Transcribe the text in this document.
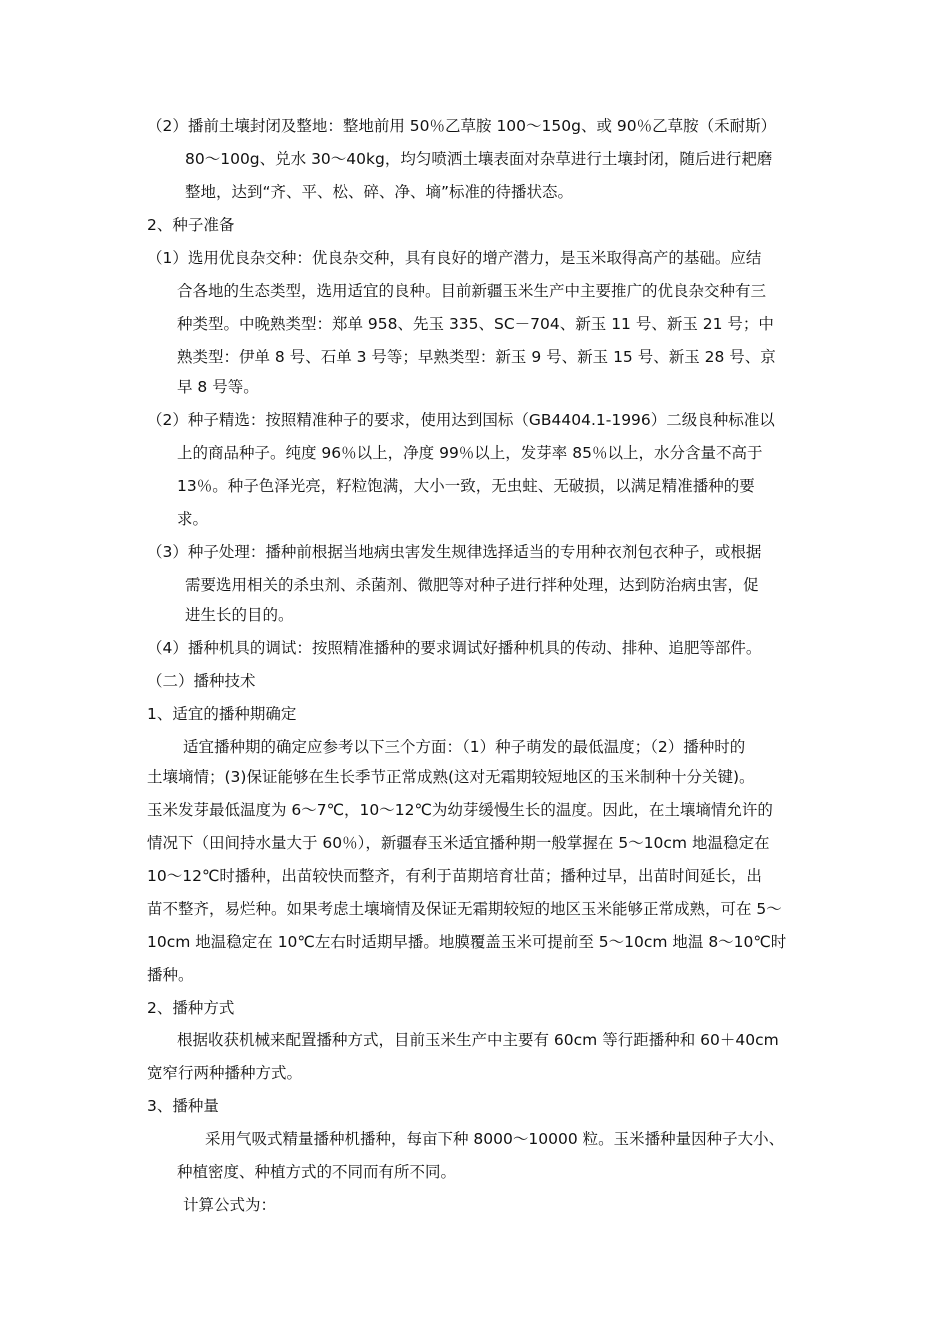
（2）播前土壤封闭及整地：整地前用 50％乙草胺 100～150g、或 90％乙草胺（禾耐斯）
80～100g、兑水 30～40kg，均匀喷洒土壤表面对杂草进行土壤封闭，随后进行耙磨
整地，达到“齐、平、松、碎、净、墒”标准的待播状态。
2、种子准备
（1）选用优良杂交种：优良杂交种，具有良好的增产潜力，是玉米取得高产的基础。应结
合各地的生态类型，选用适宜的良种。目前新疆玉米生产中主要推广的优良杂交种有三
种类型。中晚熟类型：郑单 958、先玉 335、SC－704、新玉 11 号、新玉 21 号；中
熟类型：伊单 8 号、石单 3 号等；早熟类型：新玉 9 号、新玉 15 号、新玉 28 号、京
早 8 号等。
（2）种子精选：按照精准种子的要求，使用达到国标（GB4404.1-1996）二级良种标准以
上的商品种子。纯度 96％以上，净度 99％以上，发芽率 85％以上，水分含量不高于
13％。种子色泽光亮，籽粒饱满，大小一致，无虫蛀、无破损，以满足精准播种的要
求。
（3）种子处理：播种前根据当地病虫害发生规律选择适当的专用种衣剂包衣种子，或根据
需要选用相关的杀虫剂、杀菌剂、微肥等对种子进行拌种处理，达到防治病虫害，促
进生长的目的。
（4）播种机具的调试：按照精准播种的要求调试好播种机具的传动、排种、追肥等部件。
（二）播种技术
1、适宜的播种期确定
适宜播种期的确定应参考以下三个方面：（1）种子萌发的最低温度；（2）播种时的
土壤墒情；(3)保证能够在生长季节正常成熟(这对无霜期较短地区的玉米制种十分关键)。
玉米发芽最低温度为 6～7℃，10～12℃为幼芽缓慢生长的温度。因此，在土壤墒情允许的
情况下（田间持水量大于 60％），新疆春玉米适宜播种期一般掌握在 5～10cm 地温稳定在
10～12℃时播种，出苗较快而整齐，有利于苗期培育壮苗；播种过早，出苗时间延长，出
苗不整齐，易烂种。如果考虑土壤墒情及保证无霜期较短的地区玉米能够正常成熟，可在 5～
10cm 地温稳定在 10℃左右时适期早播。地膜覆盖玉米可提前至 5～10cm 地温 8～10℃时
播种。
2、播种方式
根据收获机械来配置播种方式，目前玉米生产中主要有 60cm 等行距播种和 60＋40cm
宽窄行两种播种方式。
3、播种量
采用气吸式精量播种机播种，每亩下种 8000～10000 粒。玉米播种量因种子大小、
种植密度、种植方式的不同而有所不同。
计算公式为：
